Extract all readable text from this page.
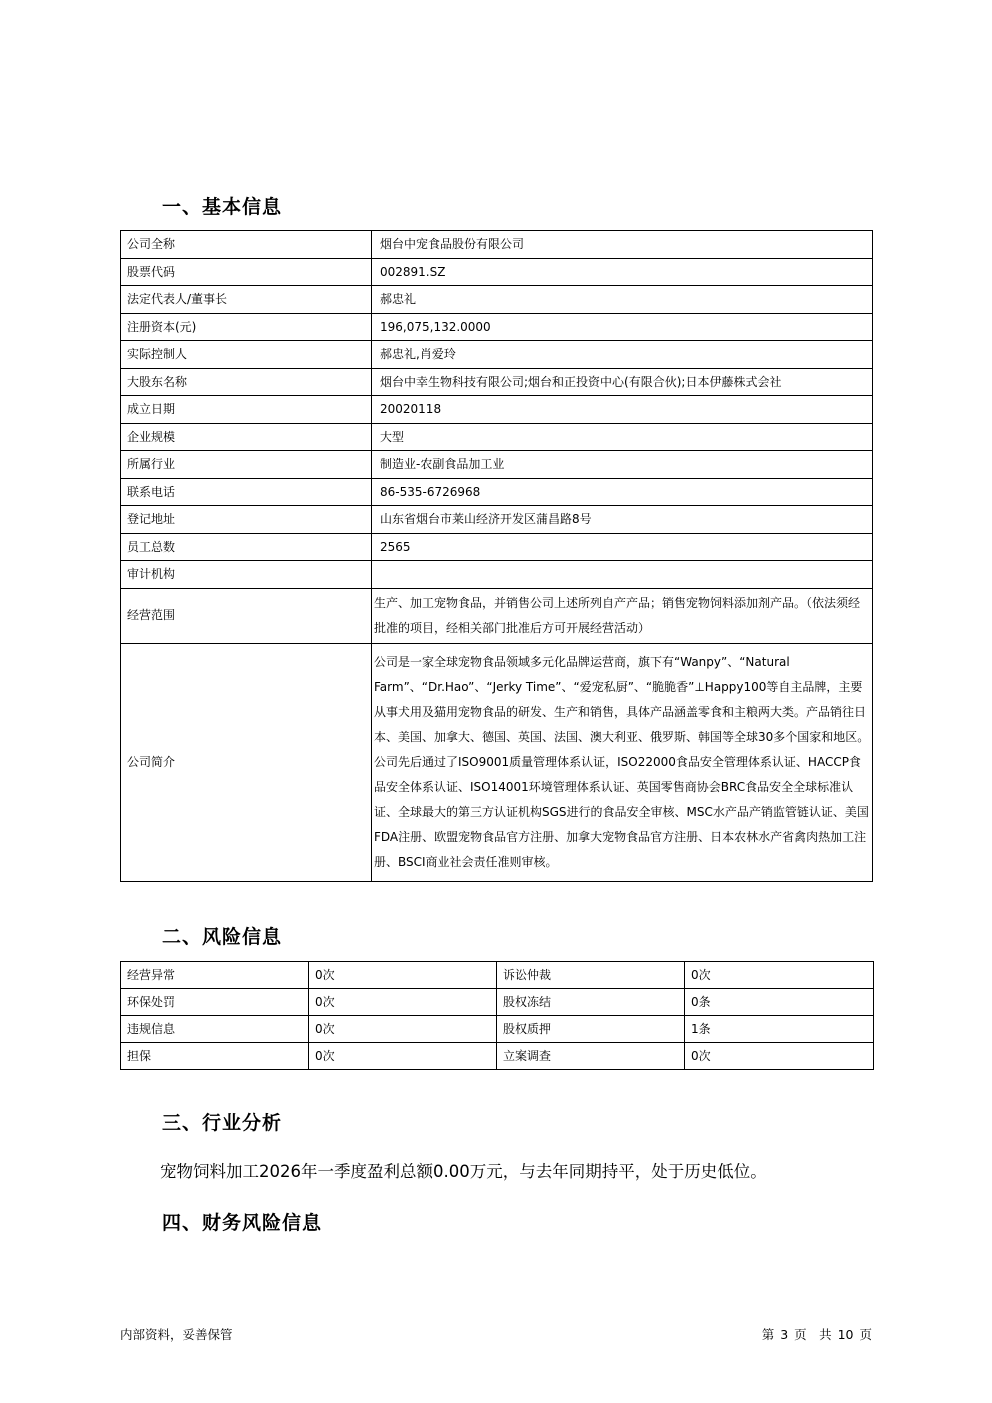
一、基本信息
公司全称	烟台中宠食品股份有限公司
股票代码	002891.SZ
法定代表人/董事长	郝忠礼
注册资本(元)	196,075,132.0000
实际控制人	郝忠礼,肖爱玲
大股东名称	烟台中幸生物科技有限公司;烟台和正投资中心(有限合伙);日本伊藤株式会社
成立日期	20020118
企业规模	大型
所属行业	制造业-农副食品加工业
联系电话	86-535-6726968
登记地址	山东省烟台市莱山经济开发区蒲昌路8号
员工总数	2565
审计机构	
经营范围	生产、加工宠物食品，并销售公司上述所列自产产品；销售宠物饲料添加剂产品。（依法须经批准的项目，经相关部门批准后方可开展经营活动）
公司简介	公司是一家全球宠物食品领域多元化品牌运营商，旗下有“Wanpy”、“Natural Farm”、“Dr.Hao”、“Jerky Time”、“爱宠私厨”、“脆脆香”⊥Happy100等自主品牌，主要从事犬用及猫用宠物食品的研发、生产和销售，具体产品涵盖零食和主粮两大类。产品销往日本、美国、加拿大、德国、英国、法国、澳大利亚、俄罗斯、韩国等全球30多个国家和地区。公司先后通过了ISO9001质量管理体系认证，ISO22000食品安全管理体系认证、HACCP食品安全体系认证、ISO14001环境管理体系认证、英国零售商协会BRC食品安全全球标准认证、全球最大的第三方认证机构SGS进行的食品安全审核、MSC水产品产销监管链认证、美国FDA注册、欧盟宠物食品官方注册、加拿大宠物食品官方注册、日本农林水产省禽肉热加工注册、BSCI商业社会责任准则审核。
二、风险信息
经营异常	0次	诉讼仲裁	0次
环保处罚	0次	股权冻结	0条
违规信息	0次	股权质押	1条
担保	0次	立案调查	0次
三、行业分析

宠物饲料加工2026年一季度盈利总额0.00万元，与去年同期持平，处于历史低位。

四、财务风险信息
内部资料，妥善保管	第 3 页　共 10 页
